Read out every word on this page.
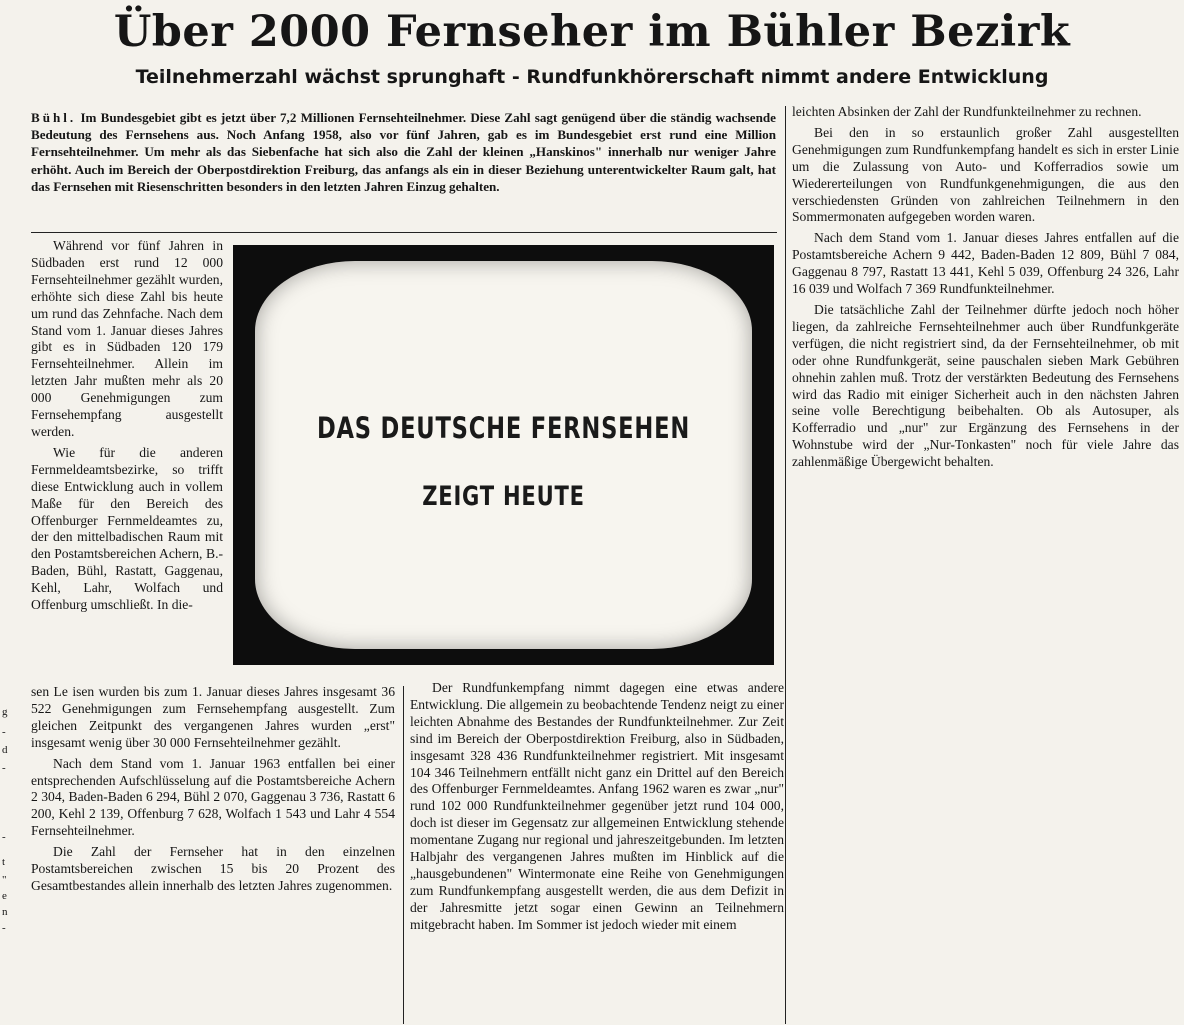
Über 2000 Fernseher im Bühler Bezirk
Teilnehmerzahl wächst sprunghaft - Rundfunkhörerschaft nimmt andere Entwicklung
g
-
d
-
-
t
"
e
n
-

Bühl. Im Bundesgebiet gibt es jetzt über 7,2 Millionen Fernsehteilnehmer. Diese Zahl sagt genügend über die ständig wachsende Bedeutung des Fernsehens aus. Noch Anfang 1958, also vor fünf Jahren, gab es im Bundesgebiet erst rund eine Million Fernsehteilnehmer. Um mehr als das Siebenfache hat sich also die Zahl der kleinen „Hanskinos" innerhalb nur weniger Jahre erhöht. Auch im Bereich der Oberpostdirektion Freiburg, das anfangs als ein in dieser Beziehung unterentwickelter Raum galt, hat das Fernsehen mit Riesenschritten besonders in den letzten Jahren Einzug gehalten.

Während vor fünf Jahren in Südbaden erst rund 12 000 Fernsehteilnehmer gezählt wurden, erhöhte sich diese Zahl bis heute um rund das Zehnfache. Nach dem Stand vom 1. Januar dieses Jahres gibt es in Südbaden 120 179 Fernsehteilnehmer. Allein im letzten Jahr mußten mehr als 20 000 Genehmigungen zum Fernsehempfang ausgestellt werden.

Wie für die anderen Fernmeldeamtsbezirke, so trifft diese Entwicklung auch in vollem Maße für den Bereich des Offenburger Fernmeldeamtes zu, der den mittelbadischen Raum mit den Postamtsbereichen Achern, B.-Baden, Bühl, Rastatt, Gaggenau, Kehl, Lahr, Wolfach und Offenburg umschließt. In die-

DAS DEUTSCHE FERNSEHEN
ZEIGT HEUTE

sen Le isen wurden bis zum 1. Januar dieses Jahres insgesamt 36 522 Genehmigungen zum Fernsehempfang ausgestellt. Zum gleichen Zeitpunkt des vergangenen Jahres wurden „erst" insgesamt wenig über 30 000 Fernsehteilnehmer gezählt.

Nach dem Stand vom 1. Januar 1963 entfallen bei einer entsprechenden Aufschlüsselung auf die Postamtsbereiche Achern 2 304, Baden-Baden 6 294, Bühl 2 070, Gaggenau 3 736, Rastatt 6 200, Kehl 2 139, Offenburg 7 628, Wolfach 1 543 und Lahr 4 554 Fernsehteilnehmer.

Die Zahl der Fernseher hat in den einzelnen Postamtsbereichen zwischen 15 bis 20 Prozent des Gesamtbestandes allein innerhalb des letzten Jahres zugenommen.

Der Rundfunkempfang nimmt dagegen eine etwas andere Entwicklung. Die allgemein zu beobachtende Tendenz neigt zu einer leichten Abnahme des Bestandes der Rundfunkteilnehmer. Zur Zeit sind im Bereich der Oberpostdirektion Freiburg, also in Südbaden, insgesamt 328 436 Rundfunkteilnehmer registriert. Mit insgesamt 104 346 Teilnehmern entfällt nicht ganz ein Drittel auf den Bereich des Offenburger Fernmeldeamtes. Anfang 1962 waren es zwar „nur" rund 102 000 Rundfunkteilnehmer gegenüber jetzt rund 104 000, doch ist dieser im Gegensatz zur allgemeinen Entwicklung stehende momentane Zugang nur regional und jahreszeitgebunden. Im letzten Halbjahr des vergangenen Jahres mußten im Hinblick auf die „hausgebundenen" Wintermonate eine Reihe von Genehmigungen zum Rundfunkempfang ausgestellt werden, die aus dem Defizit in der Jahresmitte jetzt sogar einen Gewinn an Teilnehmern mitgebracht haben. Im Sommer ist jedoch wieder mit einem

leichten Absinken der Zahl der Rundfunkteilnehmer zu rechnen.

Bei den in so erstaunlich großer Zahl ausgestellten Genehmigungen zum Rundfunkempfang handelt es sich in erster Linie um die Zulassung von Auto- und Kofferradios sowie um Wiedererteilungen von Rundfunkgenehmigungen, die aus den verschiedensten Gründen von zahlreichen Teilnehmern in den Sommermonaten aufgegeben worden waren.

Nach dem Stand vom 1. Januar dieses Jahres entfallen auf die Postamtsbereiche Achern 9 442, Baden-Baden 12 809, Bühl 7 084, Gaggenau 8 797, Rastatt 13 441, Kehl 5 039, Offenburg 24 326, Lahr 16 039 und Wolfach 7 369 Rundfunkteilnehmer.

Die tatsächliche Zahl der Teilnehmer dürfte jedoch noch höher liegen, da zahlreiche Fernsehteilnehmer auch über Rundfunkgeräte verfügen, die nicht registriert sind, da der Fernsehteilnehmer, ob mit oder ohne Rundfunkgerät, seine pauschalen sieben Mark Gebühren ohnehin zahlen muß. Trotz der verstärkten Bedeutung des Fernsehens wird das Radio mit einiger Sicherheit auch in den nächsten Jahren seine volle Berechtigung beibehalten. Ob als Autosuper, als Kofferradio und „nur" zur Ergänzung des Fernsehens in der Wohnstube wird der „Nur-Tonkasten" noch für viele Jahre das zahlenmäßige Übergewicht behalten.
